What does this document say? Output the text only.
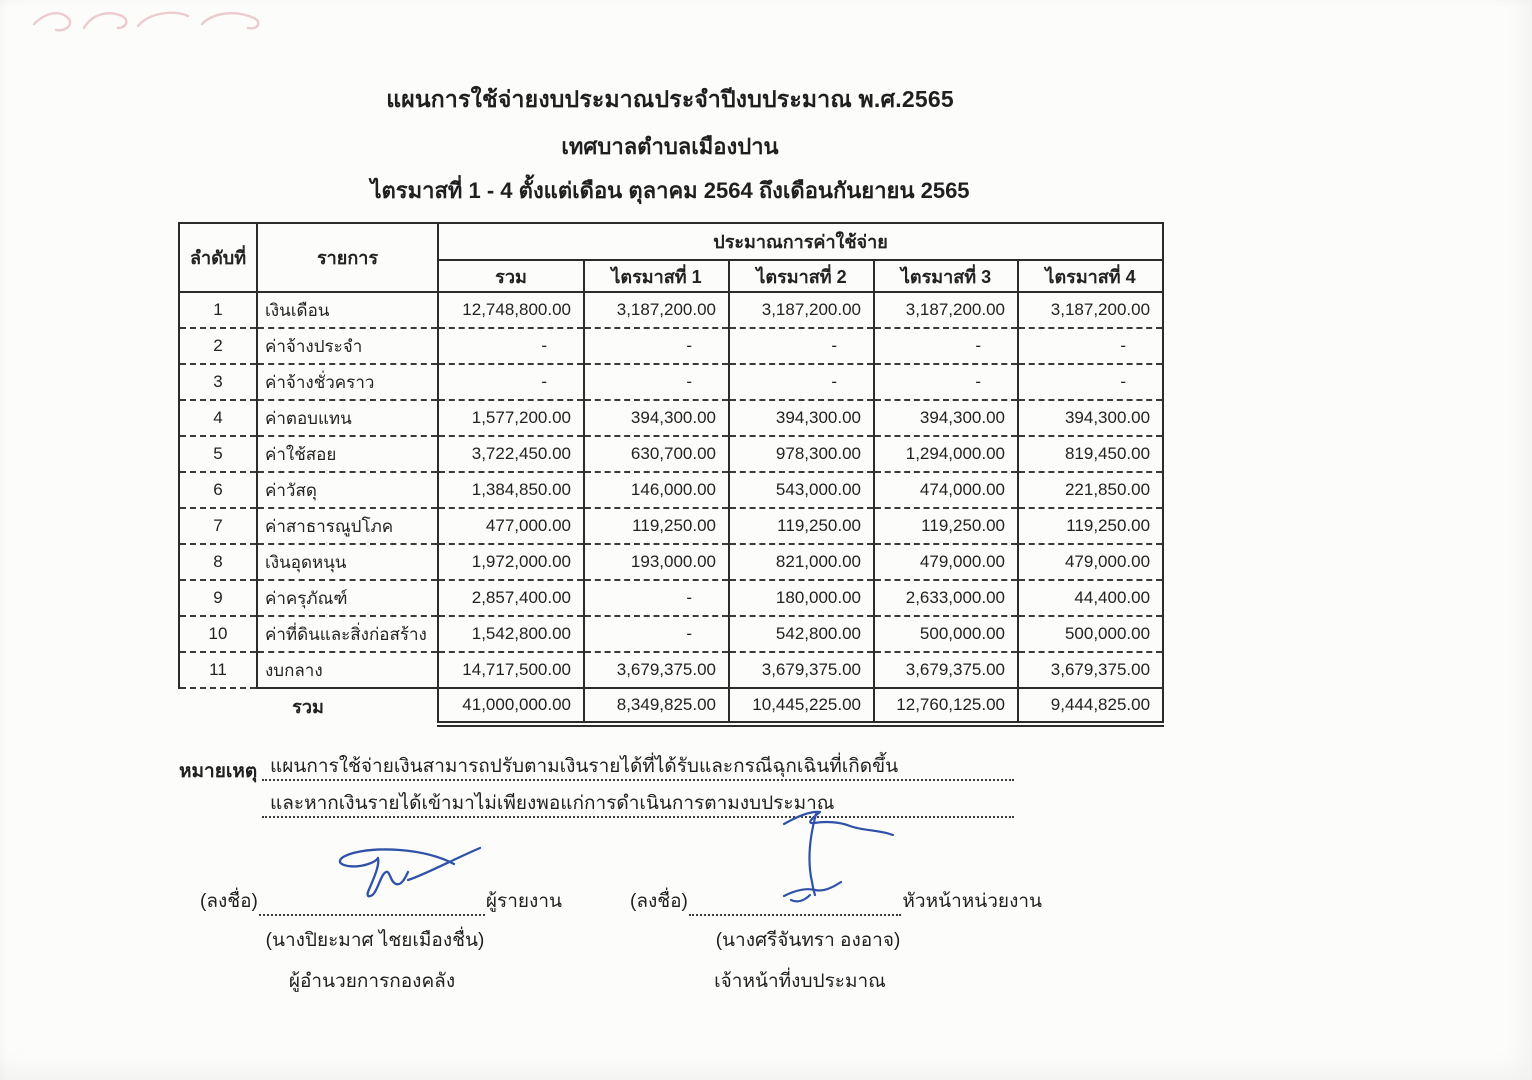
แผนการใช้จ่ายงบประมาณประจำปีงบประมาณ พ.ศ.2565
เทศบาลตำบลเมืองปาน
ไตรมาสที่ 1 - 4 ตั้งแต่เดือน ตุลาคม 2564 ถึงเดือนกันยายน 2565
ลำดับที่	รายการ	ประมาณการค่าใช้จ่าย				
		รวม	ไตรมาสที่ 1	ไตรมาสที่ 2	ไตรมาสที่ 3	ไตรมาสที่ 4
1	เงินเดือน	12,748,800.00	3,187,200.00	3,187,200.00	3,187,200.00	3,187,200.00
2	ค่าจ้างประจำ	-	-	-	-	-
3	ค่าจ้างชั่วคราว	-	-	-	-	-
4	ค่าตอบแทน	1,577,200.00	394,300.00	394,300.00	394,300.00	394,300.00
5	ค่าใช้สอย	3,722,450.00	630,700.00	978,300.00	1,294,000.00	819,450.00
6	ค่าวัสดุ	1,384,850.00	146,000.00	543,000.00	474,000.00	221,850.00
7	ค่าสาธารณูปโภค	477,000.00	119,250.00	119,250.00	119,250.00	119,250.00
8	เงินอุดหนุน	1,972,000.00	193,000.00	821,000.00	479,000.00	479,000.00
9	ค่าครุภัณฑ์	2,857,400.00	-	180,000.00	2,633,000.00	44,400.00
10	ค่าที่ดินและสิ่งก่อสร้าง	1,542,800.00	-	542,800.00	500,000.00	500,000.00
11	งบกลาง	14,717,500.00	3,679,375.00	3,679,375.00	3,679,375.00	3,679,375.00
รวม		41,000,000.00	8,349,825.00	10,445,225.00	12,760,125.00	9,444,825.00
หมายเหตุ แผนการใช้จ่ายเงินสามารถปรับตามเงินรายได้ที่ได้รับและกรณีฉุกเฉินที่เกิดขึ้น
และหากเงินรายได้เข้ามาไม่เพียงพอแก่การดำเนินการตามงบประมาณ
(ลงชื่อ)	ผู้รายงาน
(นางปิยะมาศ ไชยเมืองชื่น)
ผู้อำนวยการกองคลัง
(ลงชื่อ)	หัวหน้าหน่วยงาน
(นางศรีจันทรา องอาจ)
เจ้าหน้าที่งบประมาณ
